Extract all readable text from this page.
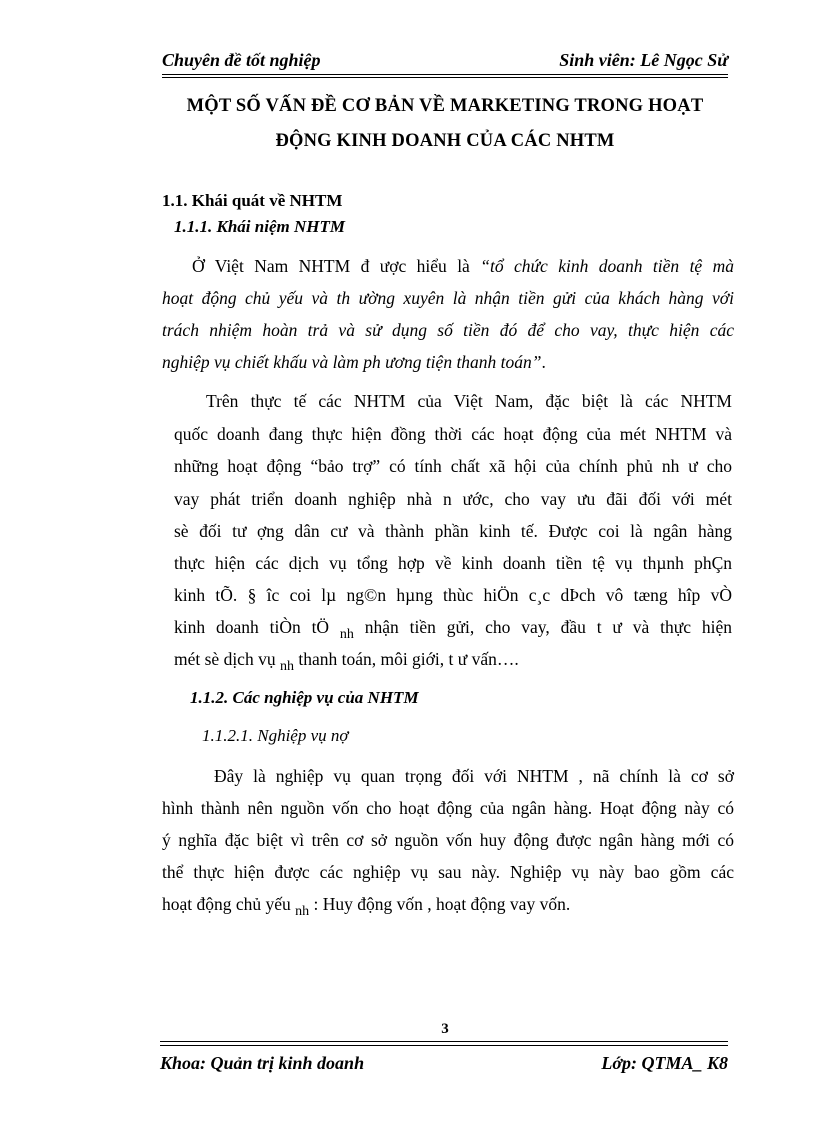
Chuyên đề tốt nghiệp	Sinh viên: Lê Ngọc Sử
MỘT SỐ VẤN ĐỀ CƠ BẢN VỀ MARKETING TRONG HOẠT
ĐỘNG KINH DOANH CỦA CÁC NHTM
1.1. Khái quát về NHTM
1.1.1. Khái niệm NHTM
Ở Việt Nam NHTM đ ược hiểu là “tổ chức kinh doanh tiền tệ mà
hoạt động chủ yếu và th ường xuyên là nhận tiền gửi của khách hàng với
trách nhiệm hoàn trả và sử dụng số tiền đó để cho vay, thực hiện các
nghiệp vụ chiết khấu và làm ph ương tiện thanh toán”.
Trên thực tế các NHTM của Việt Nam, đặc biệt là các NHTM
quốc doanh đang thực hiện đồng thời các hoạt động của mét NHTM và
những hoạt động “bảo trợ” có tính chất xã hội của chính phủ nh ư cho
vay phát triển doanh nghiệp nhà n ước, cho vay ưu đãi đối với mét
sè đối tư ợng dân cư và thành phần kinh tế. Được coi là ngân hàng
thực hiện các dịch vụ tổng hợp về kinh doanh tiền tệ vụ thµnh phÇn
kinh tÕ. § îc coi lµ ng©n hµng thùc hiÖn c¸c dÞch vô tæng hîp vÒ
kinh doanh tiÒn tÖ $_{nh}$ nhận tiền gửi, cho vay, đầu t ư và thực hiện
mét sè dịch vụ $_{nh}$ thanh toán, môi giới, t ư vấn….
1.1.2. Các nghiệp vụ của NHTM
1.1.2.1. Nghiệp vụ nợ
Đây là nghiệp vụ quan trọng đối với NHTM , nã chính là cơ sở
hình thành nên nguồn vốn cho hoạt động của ngân hàng. Hoạt động này có
ý nghĩa đặc biệt vì trên cơ sở nguồn vốn huy động được ngân hàng mới có
thể thực hiện được các nghiệp vụ sau này. Nghiệp vụ này bao gồm các
hoạt động chủ yếu $_{nh}$ : Huy động vốn , hoạt động vay vốn.
3
Khoa: Quản trị kinh doanh	Lớp: QTMA_ K8
